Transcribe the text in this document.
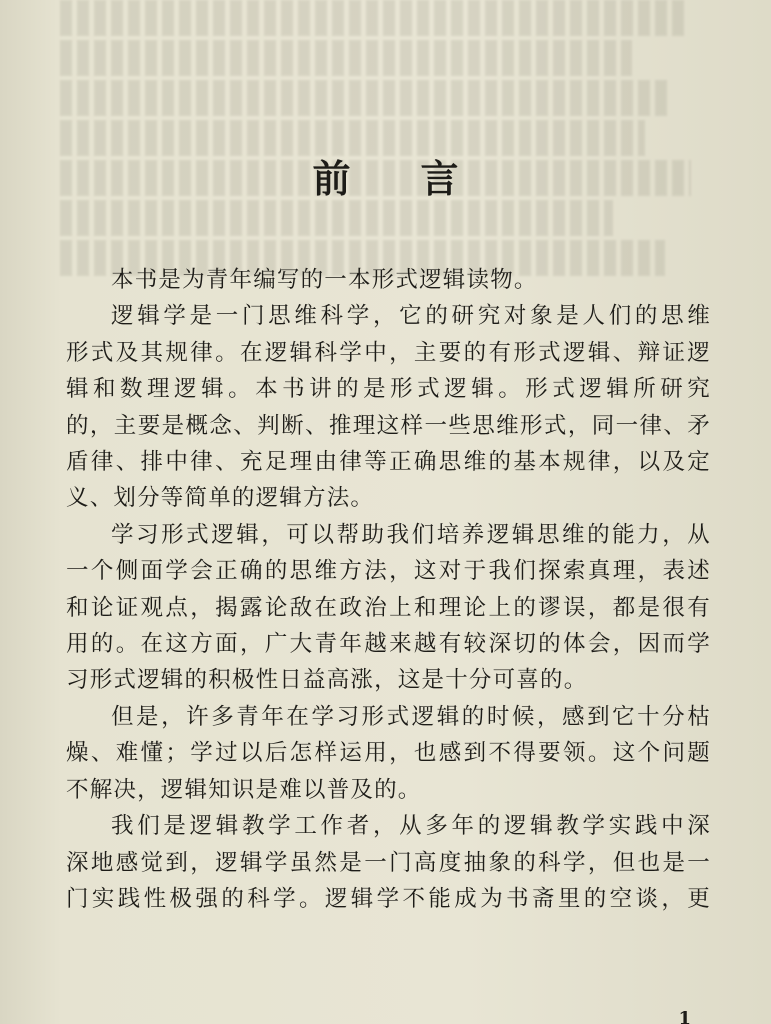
前言
本书是为青年编写的一本形式逻辑读物。
逻辑学是一门思维科学，它的研究对象是人们的思维
形式及其规律。在逻辑科学中，主要的有形式逻辑、辩证逻
辑和数理逻辑。本书讲的是形式逻辑。形式逻辑所研究
的，主要是概念、判断、推理这样一些思维形式，同一律、矛
盾律、排中律、充足理由律等正确思维的基本规律，以及定
义、划分等简单的逻辑方法。
学习形式逻辑，可以帮助我们培养逻辑思维的能力，从
一个侧面学会正确的思维方法，这对于我们探索真理，表述
和论证观点，揭露论敌在政治上和理论上的谬误，都是很有
用的。在这方面，广大青年越来越有较深切的体会，因而学
习形式逻辑的积极性日益高涨，这是十分可喜的。
但是，许多青年在学习形式逻辑的时候，感到它十分枯
燥、难懂；学过以后怎样运用，也感到不得要领。这个问题
不解决，逻辑知识是难以普及的。
我们是逻辑教学工作者，从多年的逻辑教学实践中深
深地感觉到，逻辑学虽然是一门高度抽象的科学，但也是一
门实践性极强的科学。逻辑学不能成为书斋里的空谈，更
1
